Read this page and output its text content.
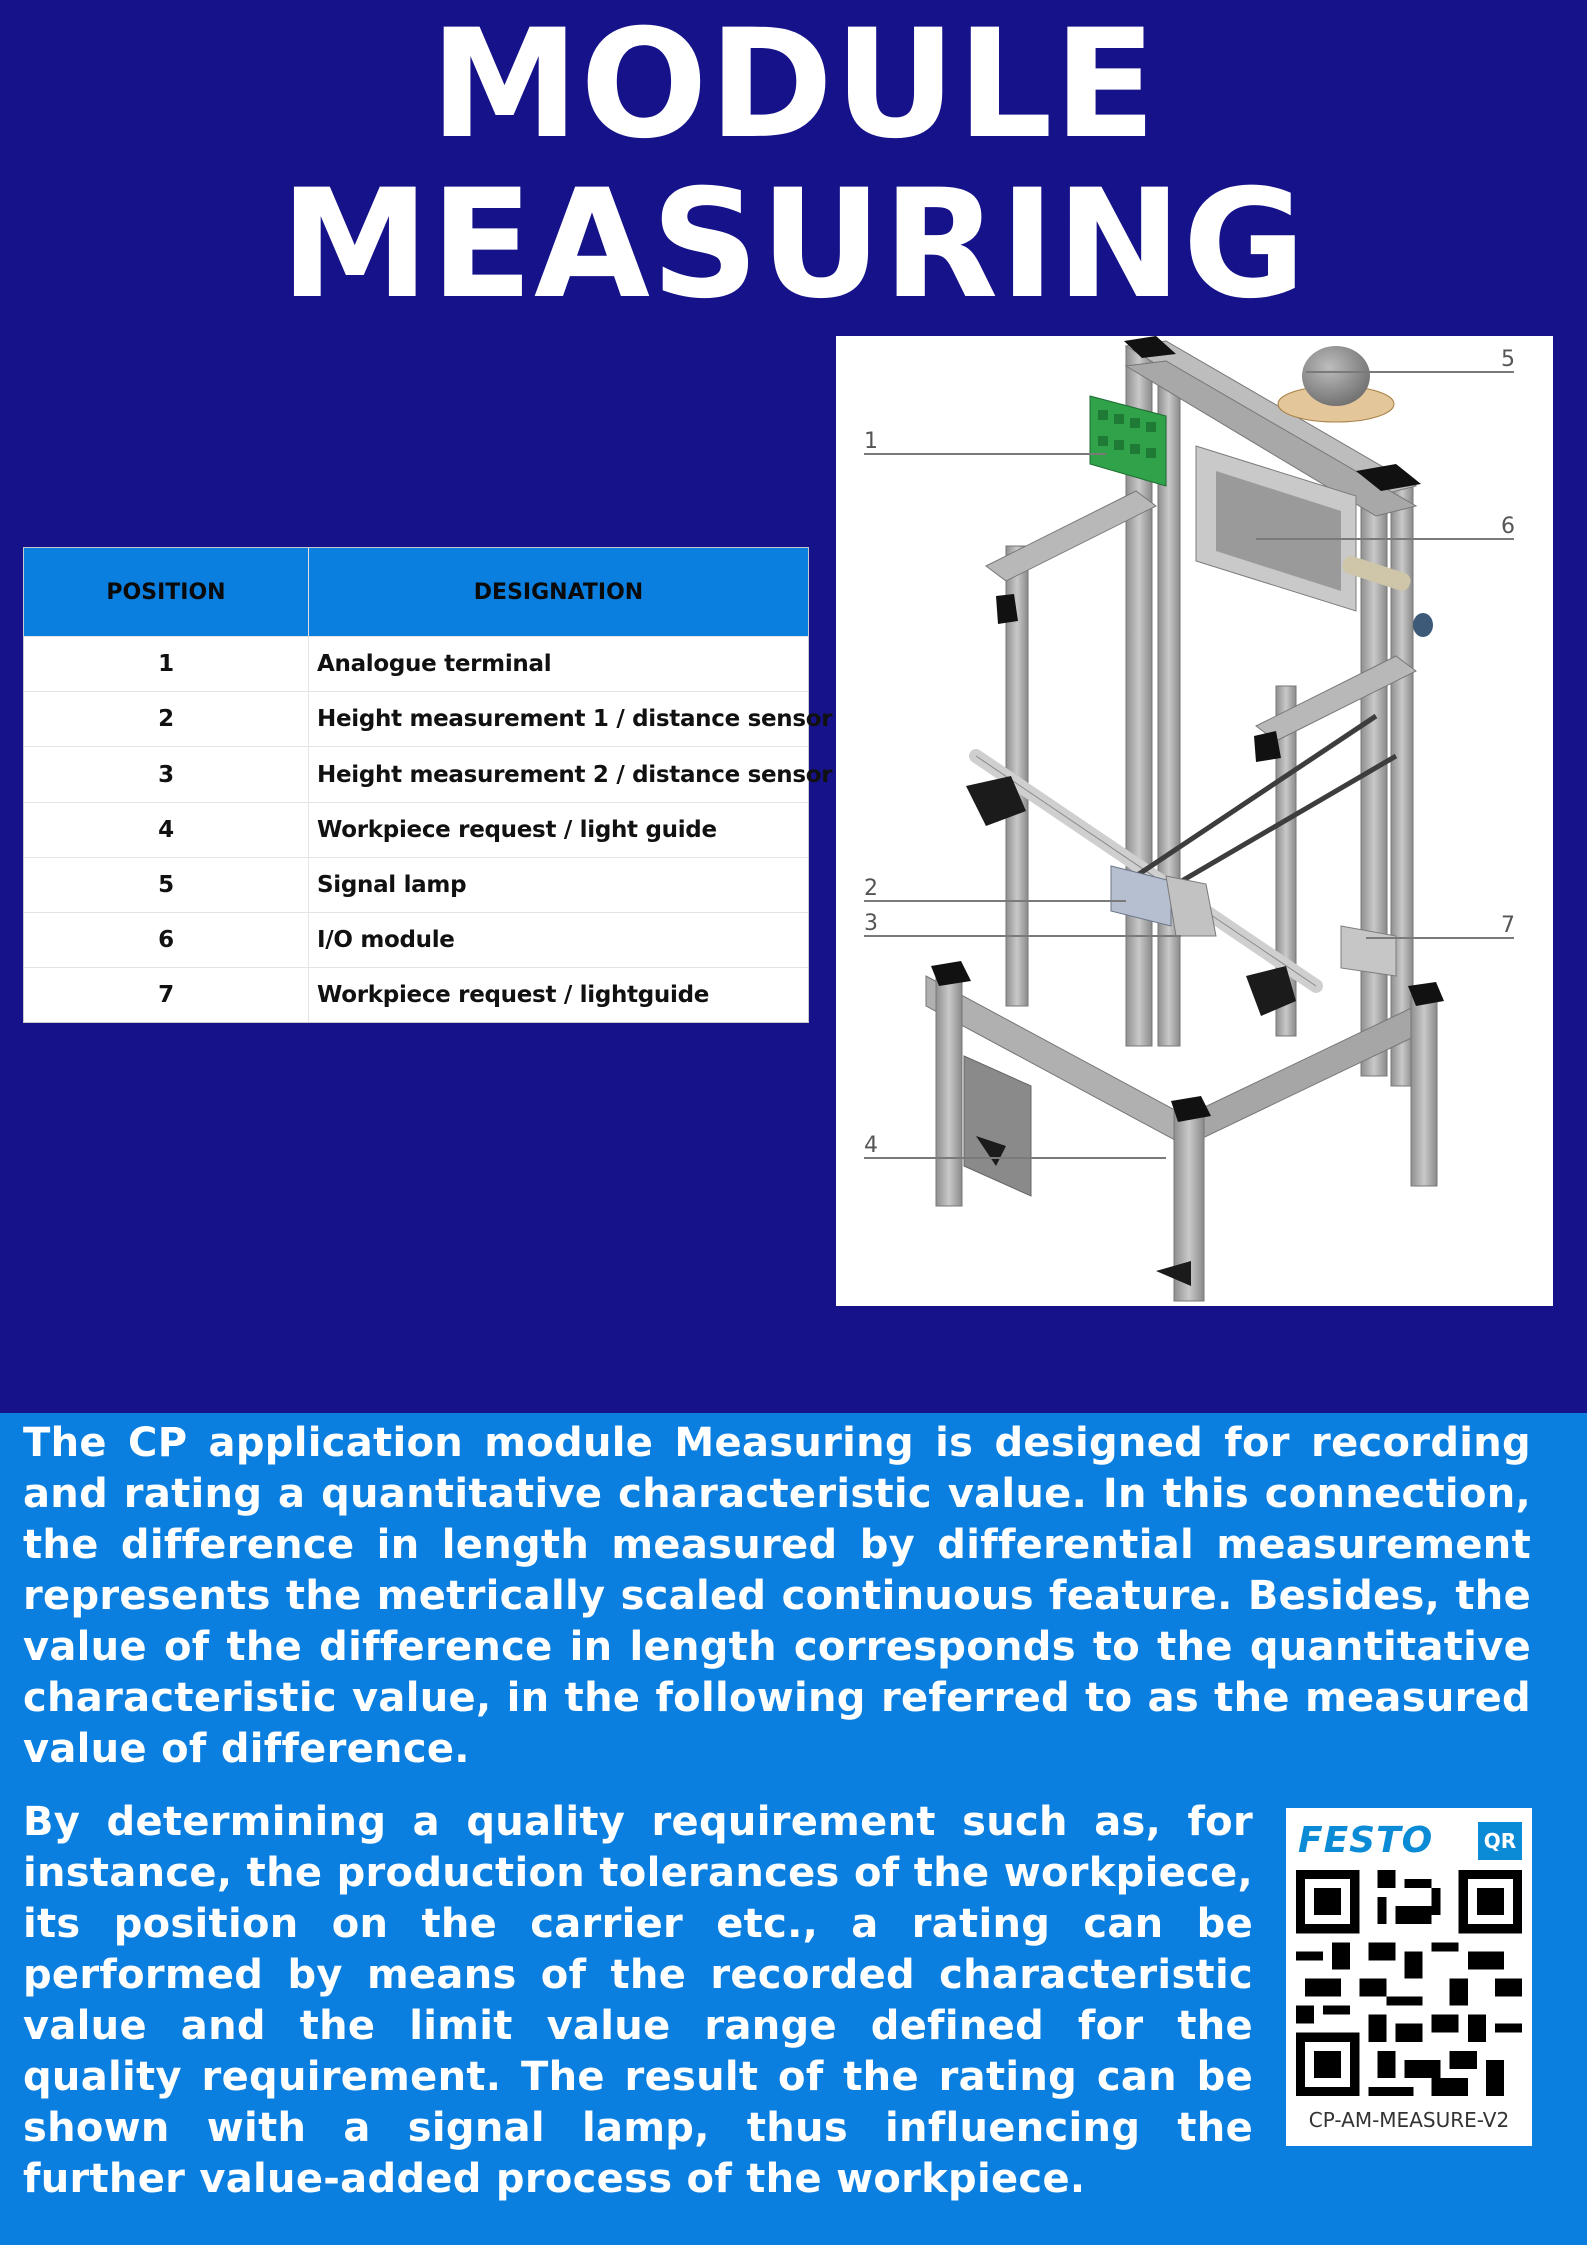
MODULE
MEASURING
POSITION	DESIGNATION
1	Analogue terminal
2	Height measurement 1 / distance sensor
3	Height measurement 2 / distance sensor
4	Workpiece request / light guide
5	Signal lamp
6	I/O module
7	Workpiece request / lightguide
1
2
3
4
5
6
7
The CP application module Measuring is designed for recording and rating a quantitative characteristic value. In this connection, the difference in length measured by differential measurement represents the metrically scaled continuous feature. Besides, the value of the difference in length corresponds to the quantitative characteristic value, in the following referred to as the measured value of difference.
By determining a quality requirement such as, for instance, the production tolerances of the workpiece, its position on the carrier etc., a rating can be performed by means of the recorded characteristic value and the limit value range defined for the quality requirement. The result of the rating can be shown with a signal lamp, thus influencing the further value-added process of the workpiece.
FESTO	QR
CP-AM-MEASURE-V2
